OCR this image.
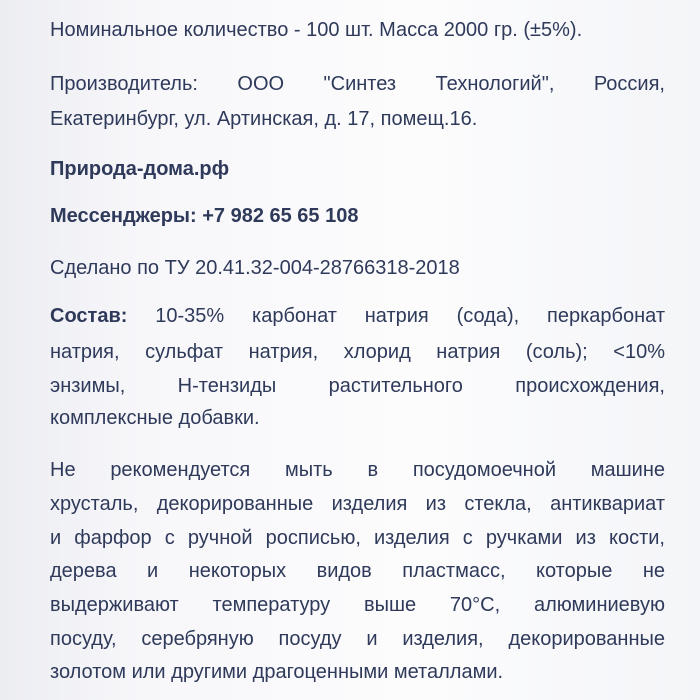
Номинальное количество - 100 шт. Масса 2000 гр. (±5%).
Производитель: ООО "Синтез Технологий", Россия,
Екатеринбург, ул. Артинская, д. 17, помещ.16.
Природа-дома.рф
Мессенджеры: +7 982 65 65 108
Сделано по ТУ 20.41.32-004-28766318-2018
Состав: 10-35% карбонат натрия (сода), перкарбонат
натрия, сульфат натрия, хлорид натрия (соль); <10%
энзимы, Н-тензиды растительного происхождения,
комплексные добавки.
Не рекомендуется мыть в посудомоечной машине
хрусталь, декорированные изделия из стекла, антиквариат
и фарфор с ручной росписью, изделия с ручками из кости,
дерева и некоторых видов пластмасс, которые не
выдерживают температуру выше 70°С, алюминиевую
посуду, серебряную посуду и изделия, декорированные
золотом или другими драгоценными металлами.
